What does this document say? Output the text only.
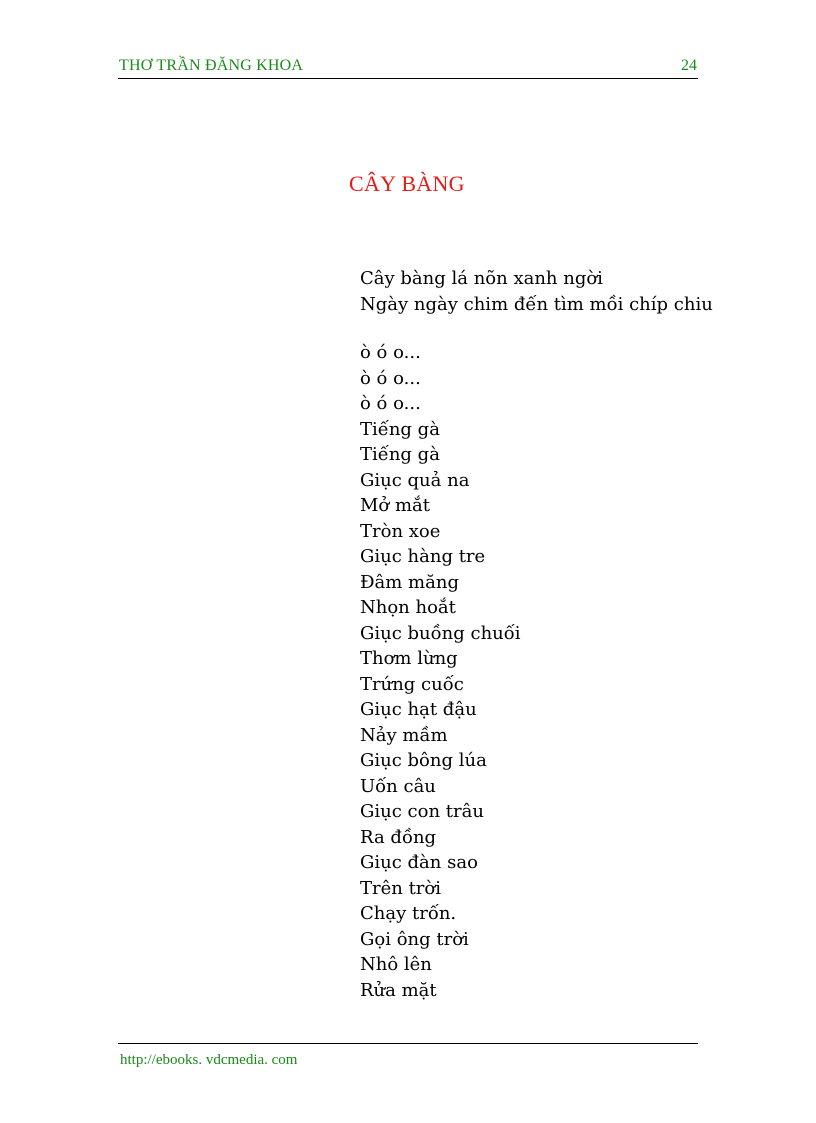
THƠ TRẦN ĐĂNG KHOA	24
CÂY BÀNG
Cây bàng lá nõn xanh ngời
Ngày ngày chim đến tìm mồi chíp chiu
ò ó o...
ò ó o...
ò ó o...
Tiếng gà
Tiếng gà
Giục quả na
Mở mắt
Tròn xoe
Giục hàng tre
Đâm măng
Nhọn hoắt
Giục buồng chuối
Thơm lừng
Trứng cuốc
Giục hạt đậu
Nảy mầm
Giục bông lúa
Uốn câu
Giục con trâu
Ra đồng
Giục đàn sao
Trên trời
Chạy trốn.
Gọi ông trời
Nhô lên
Rửa mặt
http://ebooks. vdcmedia. com
